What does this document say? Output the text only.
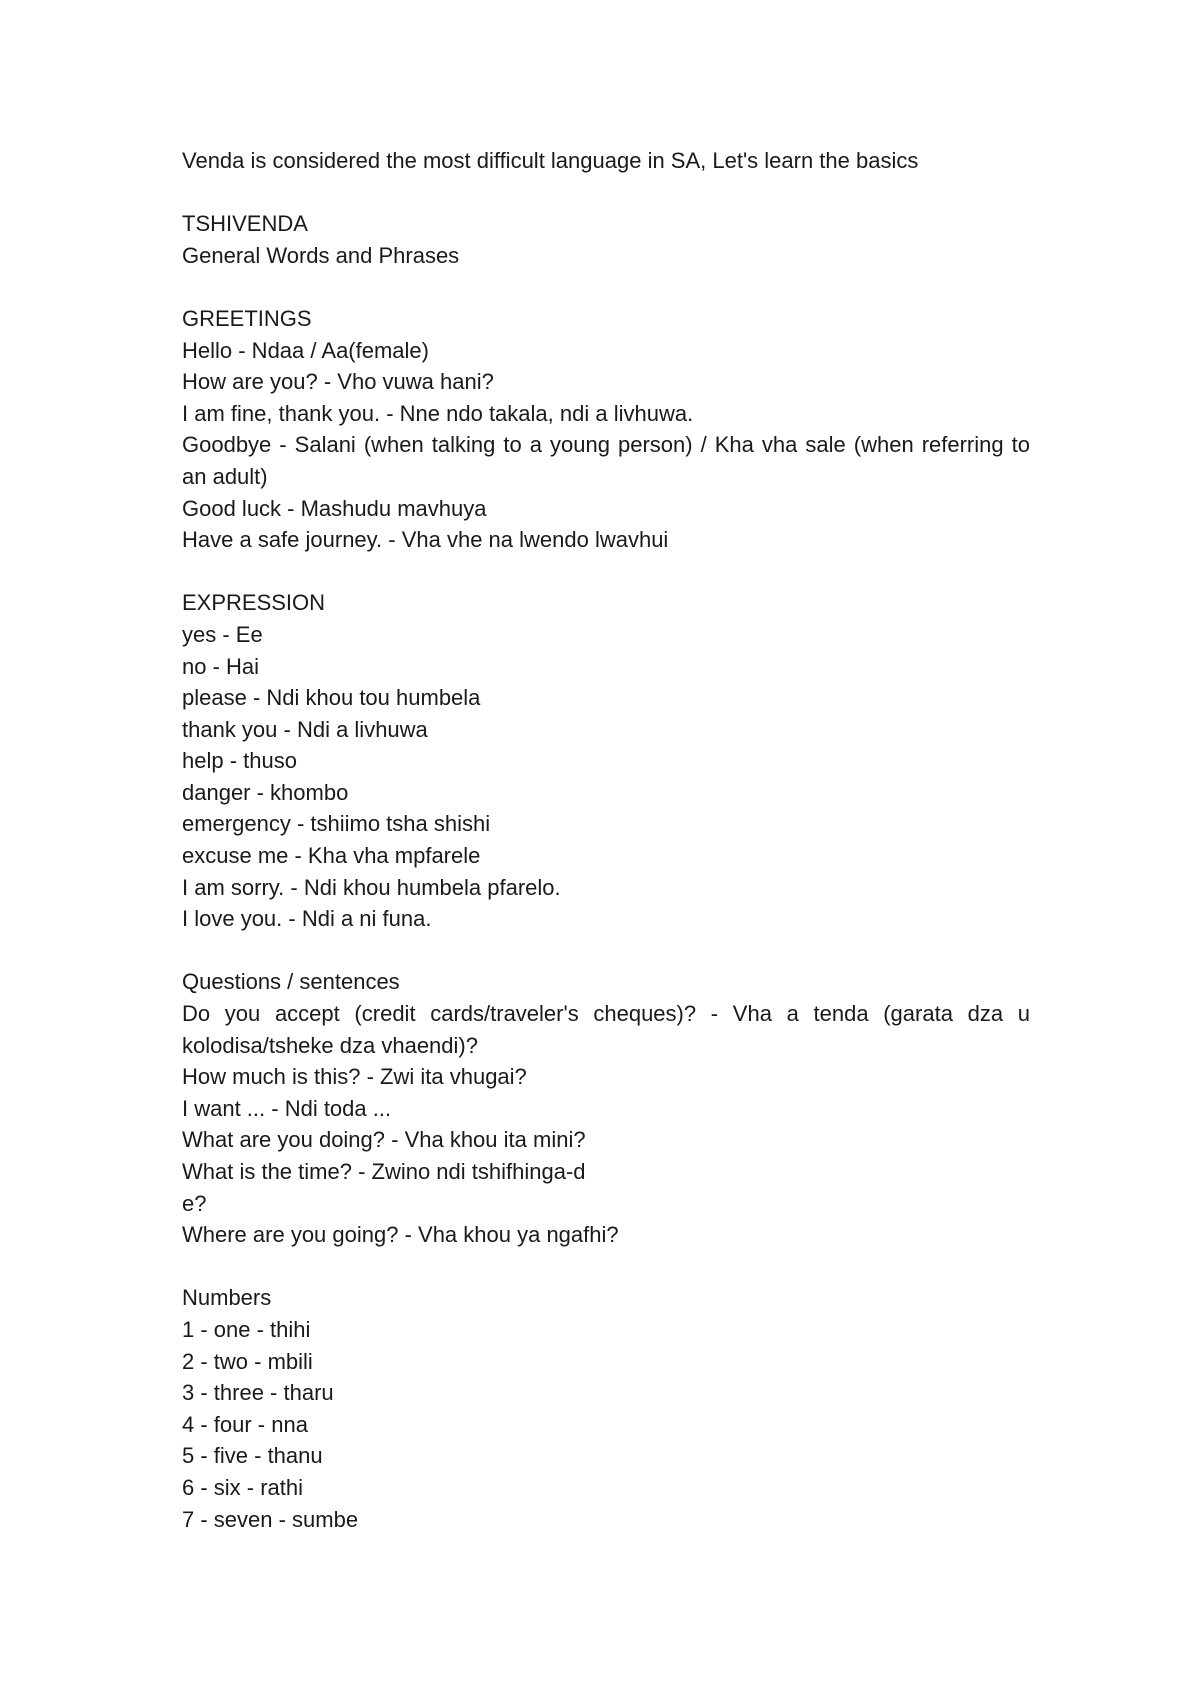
Venda is considered the most difficult language in SA, Let's learn the basics
TSHIVENDA
General Words and Phrases
GREETINGS
Hello - Ndaa / Aa(female)
How are you? - Vho vuwa hani?
I am fine, thank you. - Nne ndo takala, ndi a livhuwa.
Goodbye - Salani (when talking to a young person) / Kha vha sale (when referring to an adult)
Good luck - Mashudu mavhuya
Have a safe journey. - Vha vhe na lwendo lwavhui
EXPRESSION
yes - Ee
no - Hai
please - Ndi khou tou humbela
thank you - Ndi a livhuwa
help - thuso
danger - khombo
emergency - tshiimo tsha shishi
excuse me - Kha vha mpfarele
I am sorry. - Ndi khou humbela pfarelo.
I love you. - Ndi a ni funa.
Questions / sentences
Do you accept (credit cards/traveler's cheques)? - Vha a tenda (garata dza u kolodisa/tsheke dza vhaendi)?
How much is this? - Zwi ita vhugai?
I want ... - Ndi toda ...
What are you doing? - Vha khou ita mini?
What is the time? - Zwino ndi tshifhinga-d
e?
Where are you going? - Vha khou ya ngafhi?
Numbers
1 - one - thihi
2 - two - mbili
3 - three - tharu
4 - four - nna
5 - five - thanu
6 - six - rathi
7 - seven - sumbe
